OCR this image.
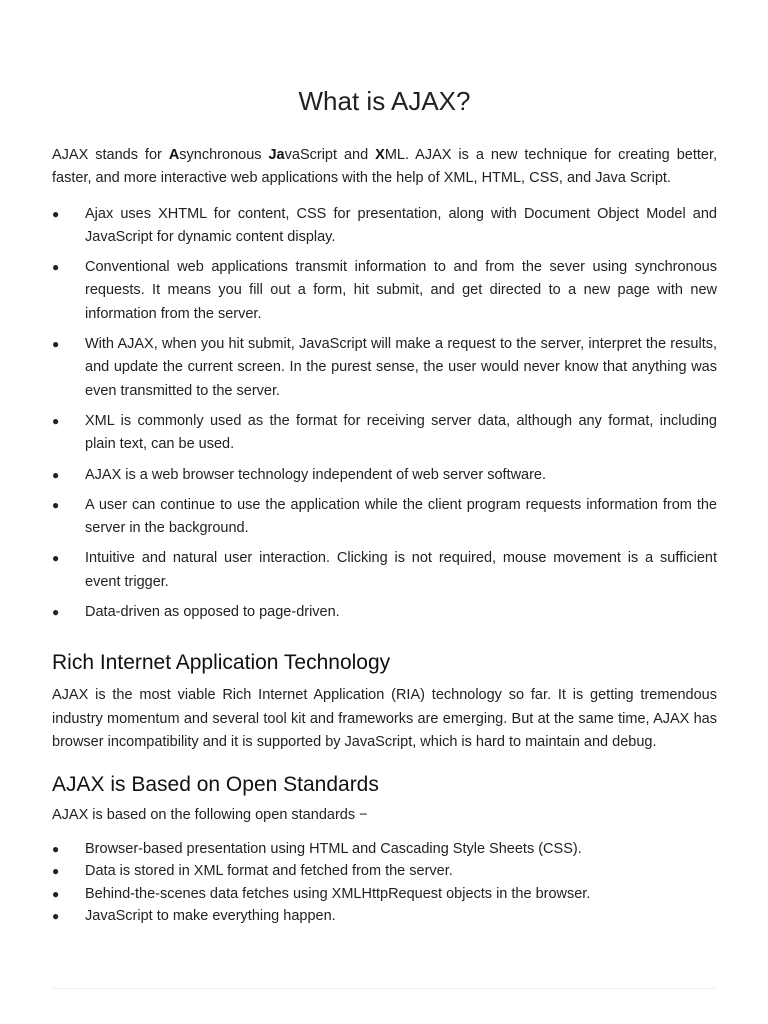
What is AJAX?

AJAX stands for Asynchronous JavaScript and XML. AJAX is a new technique for creating better, faster, and more interactive web applications with the help of XML, HTML, CSS, and Java Script.

● Ajax uses XHTML for content, CSS for presentation, along with Document Object Model and JavaScript for dynamic content display.
● Conventional web applications transmit information to and from the sever using synchronous requests. It means you fill out a form, hit submit, and get directed to a new page with new information from the server.
● With AJAX, when you hit submit, JavaScript will make a request to the server, interpret the results, and update the current screen. In the purest sense, the user would never know that anything was even transmitted to the server.
● XML is commonly used as the format for receiving server data, although any format, including plain text, can be used.
● AJAX is a web browser technology independent of web server software.
● A user can continue to use the application while the client program requests information from the server in the background.
● Intuitive and natural user interaction. Clicking is not required, mouse movement is a sufficient event trigger.
● Data-driven as opposed to page-driven.
Rich Internet Application Technology

AJAX is the most viable Rich Internet Application (RIA) technology so far. It is getting tremendous industry momentum and several tool kit and frameworks are emerging. But at the same time, AJAX has browser incompatibility and it is supported by JavaScript, which is hard to maintain and debug.

AJAX is Based on Open Standards

AJAX is based on the following open standards −

● Browser-based presentation using HTML and Cascading Style Sheets (CSS).
● Data is stored in XML format and fetched from the server.
● Behind-the-scenes data fetches using XMLHttpRequest objects in the browser.
● JavaScript to make everything happen.
